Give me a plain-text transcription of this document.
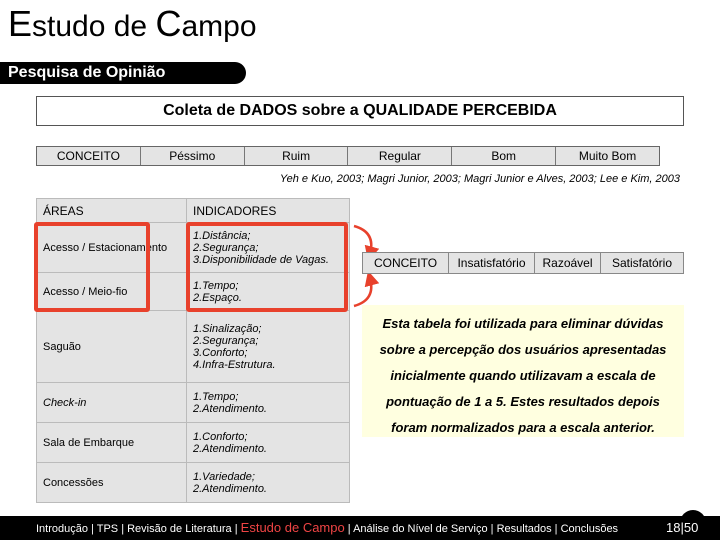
Estudo de Campo
Pesquisa de Opinião
Coleta de DADOS sobre a QUALIDADE PERCEBIDA
CONCEITO	Péssimo	Ruim	Regular	Bom	Muito Bom
Yeh e Kuo, 2003; Magri Junior, 2003; Magri Junior e Alves, 2003; Lee e Kim, 2003
ÁREAS	INDICADORES
Acesso / Estacionamento	1.Distância;
2.Segurança;
3.Disponibilidade de Vagas.

Acesso / Meio-fio	1.Tempo;
2.Espaço.

Saguão	1.Sinalização;
2.Segurança;
3.Conforto;
4.Infra-Estrutura.

Check-in	1.Tempo;
2.Atendimento.

Sala de Embarque	1.Conforto;
2.Atendimento.

Concessões	1.Variedade;
2.Atendimento.
CONCEITO	Insatisfatório	Razoável	Satisfatório
Esta tabela foi utilizada para eliminar dúvidas sobre a percepção dos usuários apresentadas inicialmente quando utilizavam a escala de pontuação de 1 a 5. Estes resultados depois foram normalizados para a escala anterior.
Introdução | TPS | Revisão de Literatura | Estudo de Campo | Análise do Nível de Serviço | Resultados | Conclusões	18|50
